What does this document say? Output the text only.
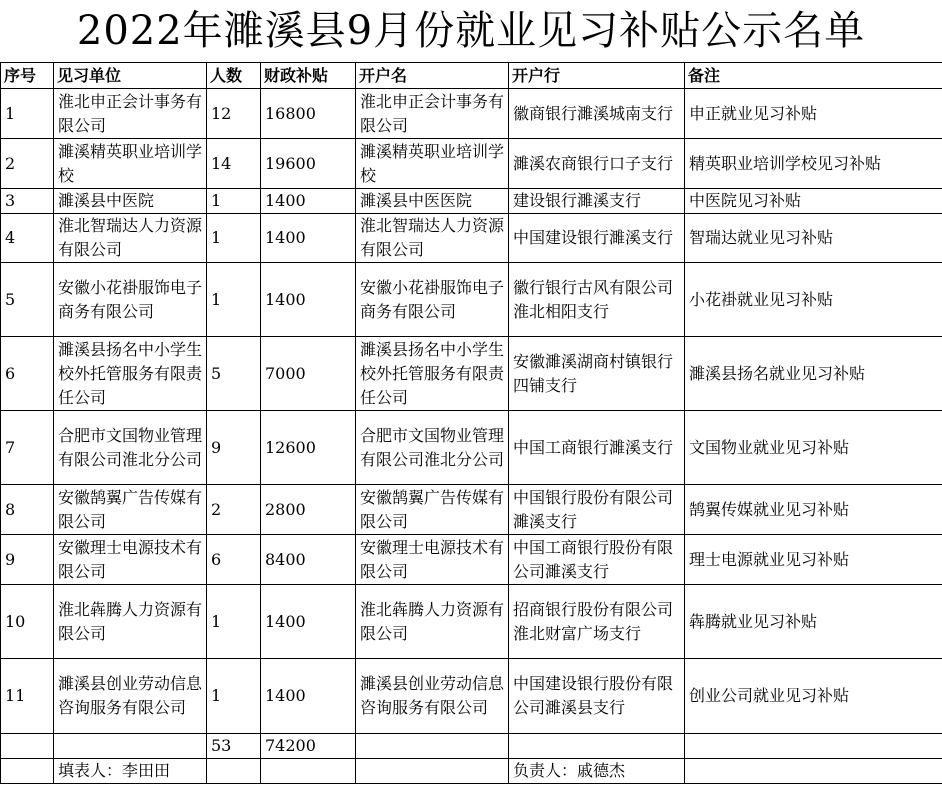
2022年濉溪县9月份就业见习补贴公示名单
序号	见习单位	人数	财政补贴	开户名	开户行	备注
1	淮北申正会计事务有限公司	12	16800	淮北申正会计事务有限公司	徽商银行濉溪城南支行	申正就业见习补贴
2	濉溪精英职业培训学校	14	19600	濉溪精英职业培训学校	濉溪农商银行口子支行	精英职业培训学校见习补贴
3	濉溪县中医院	1	1400	濉溪县中医医院	建设银行濉溪支行	中医院见习补贴
4	淮北智瑞达人力资源有限公司	1	1400	淮北智瑞达人力资源有限公司	中国建设银行濉溪支行	智瑞达就业见习补贴
5	安徽小花褂服饰电子商务有限公司	1	1400	安徽小花褂服饰电子商务有限公司	徽行银行古风有限公司淮北相阳支行	小花褂就业见习补贴
6	濉溪县扬名中小学生校外托管服务有限责任公司	5	7000	濉溪县扬名中小学生校外托管服务有限责任公司	安徽濉溪湖商村镇银行四铺支行	濉溪县扬名就业见习补贴
7	合肥市文国物业管理有限公司淮北分公司	9	12600	合肥市文国物业管理有限公司淮北分公司	中国工商银行濉溪支行	文国物业就业见习补贴
8	安徽鹄翼广告传媒有限公司	2	2800	安徽鹄翼广告传媒有限公司	中国银行股份有限公司濉溪支行	鹄翼传媒就业见习补贴
9	安徽理士电源技术有限公司	6	8400	安徽理士电源技术有限公司	中国工商银行股份有限公司濉溪支行	理士电源就业见习补贴
10	淮北犇腾人力资源有限公司	1	1400	淮北犇腾人力资源有限公司	招商银行股份有限公司淮北财富广场支行	犇腾就业见习补贴
11	濉溪县创业劳动信息咨询服务有限公司	1	1400	濉溪县创业劳动信息咨询服务有限公司	中国建设银行股份有限公司濉溪县支行	创业公司就业见习补贴
		53	74200			
	填表人：李田田				负责人：戚德杰	
